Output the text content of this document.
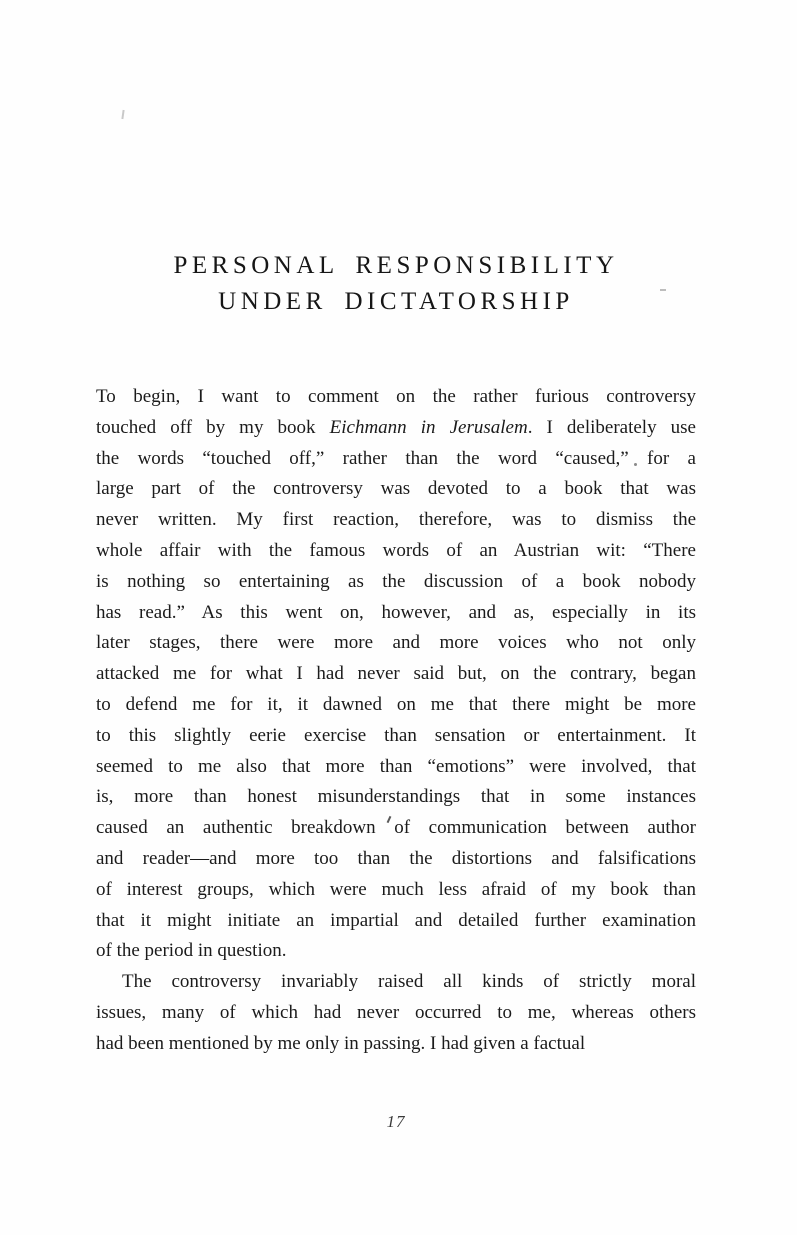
PERSONAL RESPONSIBILITY
UNDER DICTATORSHIP
To begin, I want to comment on the rather furious controversy
touched off by my book Eichmann in Jerusalem. I deliberately use
the words “touched off,” rather than the word “caused,” for a
large part of the controversy was devoted to a book that was
never written. My first reaction, therefore, was to dismiss the
whole affair with the famous words of an Austrian wit: “There
is nothing so entertaining as the discussion of a book nobody
has read.” As this went on, however, and as, especially in its
later stages, there were more and more voices who not only
attacked me for what I had never said but, on the contrary, began
to defend me for it, it dawned on me that there might be more
to this slightly eerie exercise than sensation or entertainment. It
seemed to me also that more than “emotions” were involved, that
is, more than honest misunderstandings that in some instances
caused an authentic breakdown of communication between author
and reader—and more too than the distortions and falsifications
of interest groups, which were much less afraid of my book than
that it might initiate an impartial and detailed further examination
of the period in question.
The controversy invariably raised all kinds of strictly moral
issues, many of which had never occurred to me, whereas others
had been mentioned by me only in passing. I had given a factual
17
